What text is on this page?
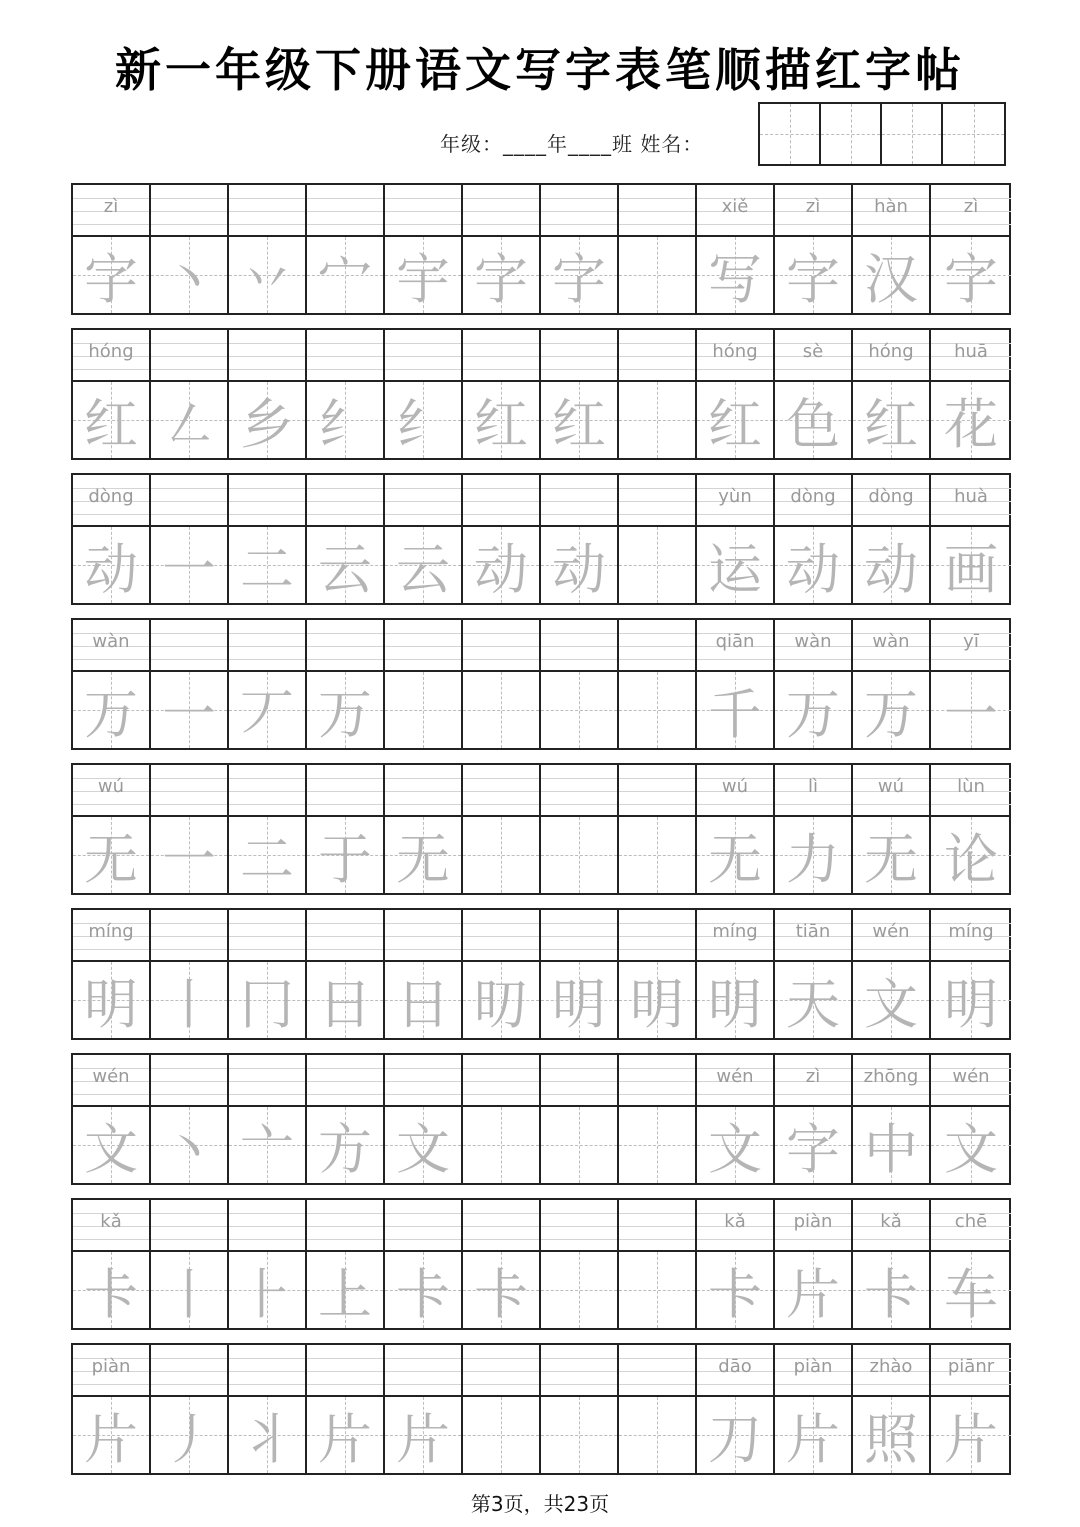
新一年级下册语文写字表笔顺描红字帖
年级：____年____班 姓名：
zì
字 丶 丷 宀 宇 字 字
xiě
写
zì
字
hàn
汉
zì
字
hóng
红 ㇜ 乡 纟 纟 红 红
hóng
红
sè
色
hóng
红
huā
花
dòng
动 一 二 云 云 动 动
yùn
运
dòng
动
dòng
动
huà
画
wàn
万 一 丆 万
qiān
千
wàn
万
wàn
万
yī
一
wú
无 一 二 于 无
wú
无
lì
力
wú
无
lùn
论
míng
明 丨 冂 日 日 旫 明 明
míng
明
tiān
天
wén
文
míng
明
wén
文 丶 亠 方 文
wén
文
zì
字
zhōng
中
wén
文
kǎ
卡 丨 ⺊ 上 卡 卡
kǎ
卡
piàn
片
kǎ
卡
chē
车
piàn
片 丿 丬 片 片
dāo
刀
piàn
片
zhào
照
piānr
片
第3页，共23页
